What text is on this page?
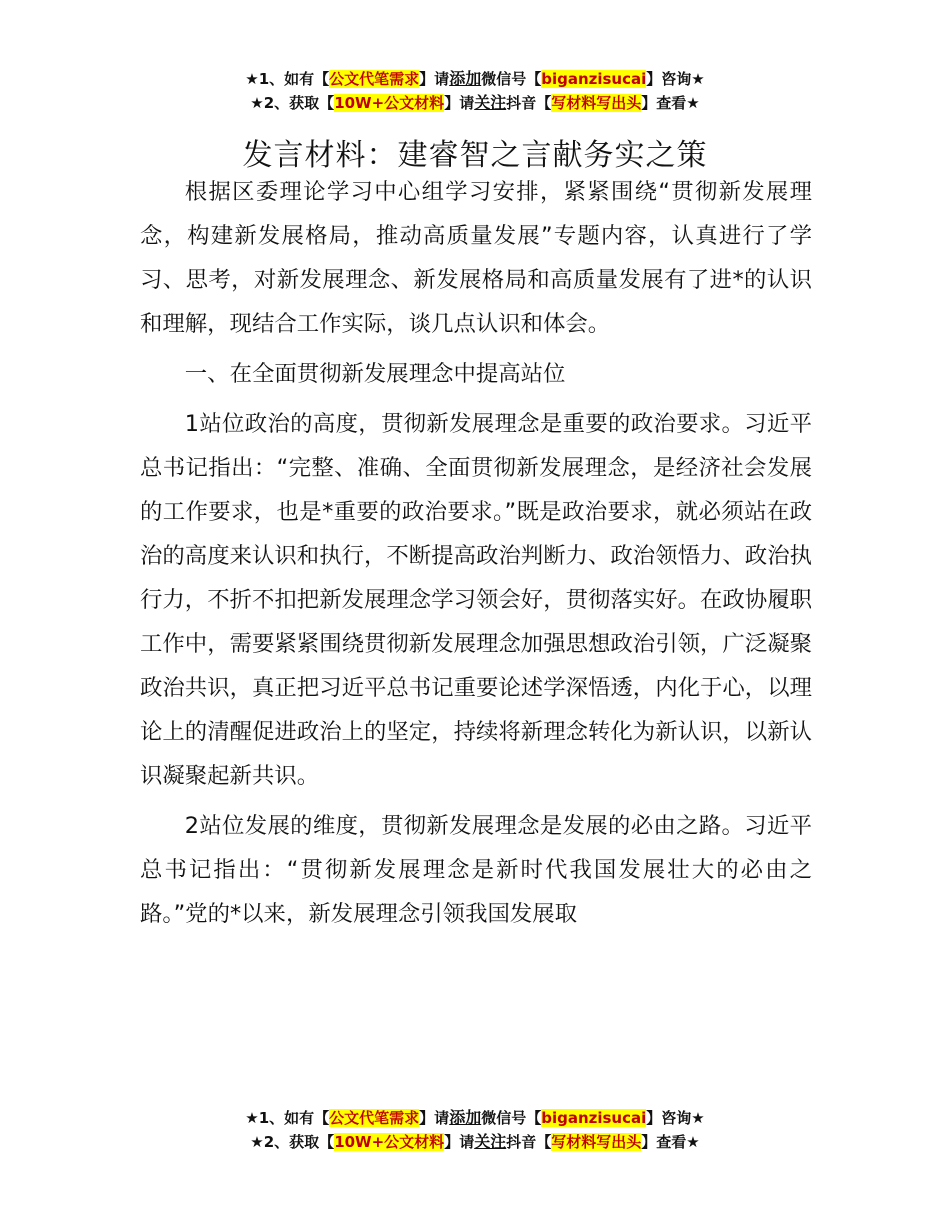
★1、如有【公文代笔需求】请添加微信号【biganzisucai】咨询★
★2、获取【10W+公文材料】请关注抖音【写材料写出头】查看★
发言材料：建睿智之言献务实之策

根据区委理论学习中心组学习安排，紧紧围绕“贯彻新发展理念，构建新发展格局，推动高质量发展”专题内容，认真进行了学习、思考，对新发展理念、新发展格局和高质量发展有了进*的认识和理解，现结合工作实际，谈几点认识和体会。

一、在全面贯彻新发展理念中提高站位

1站位政治的高度，贯彻新发展理念是重要的政治要求。习近平总书记指出：“完整、准确、全面贯彻新发展理念，是经济社会发展的工作要求，也是*重要的政治要求。”既是政治要求，就必须站在政治的高度来认识和执行，不断提高政治判断力、政治领悟力、政治执行力，不折不扣把新发展理念学习领会好，贯彻落实好。在政协履职工作中，需要紧紧围绕贯彻新发展理念加强思想政治引领，广泛凝聚政治共识，真正把习近平总书记重要论述学深悟透，内化于心，以理论上的清醒促进政治上的坚定，持续将新理念转化为新认识，以新认识凝聚起新共识。

2站位发展的维度，贯彻新发展理念是发展的必由之路。习近平总书记指出：“贯彻新发展理念是新时代我国发展壮大的必由之路。”党的*以来，新发展理念引领我国发展取

★1、如有【公文代笔需求】请添加微信号【biganzisucai】咨询★
★2、获取【10W+公文材料】请关注抖音【写材料写出头】查看★
